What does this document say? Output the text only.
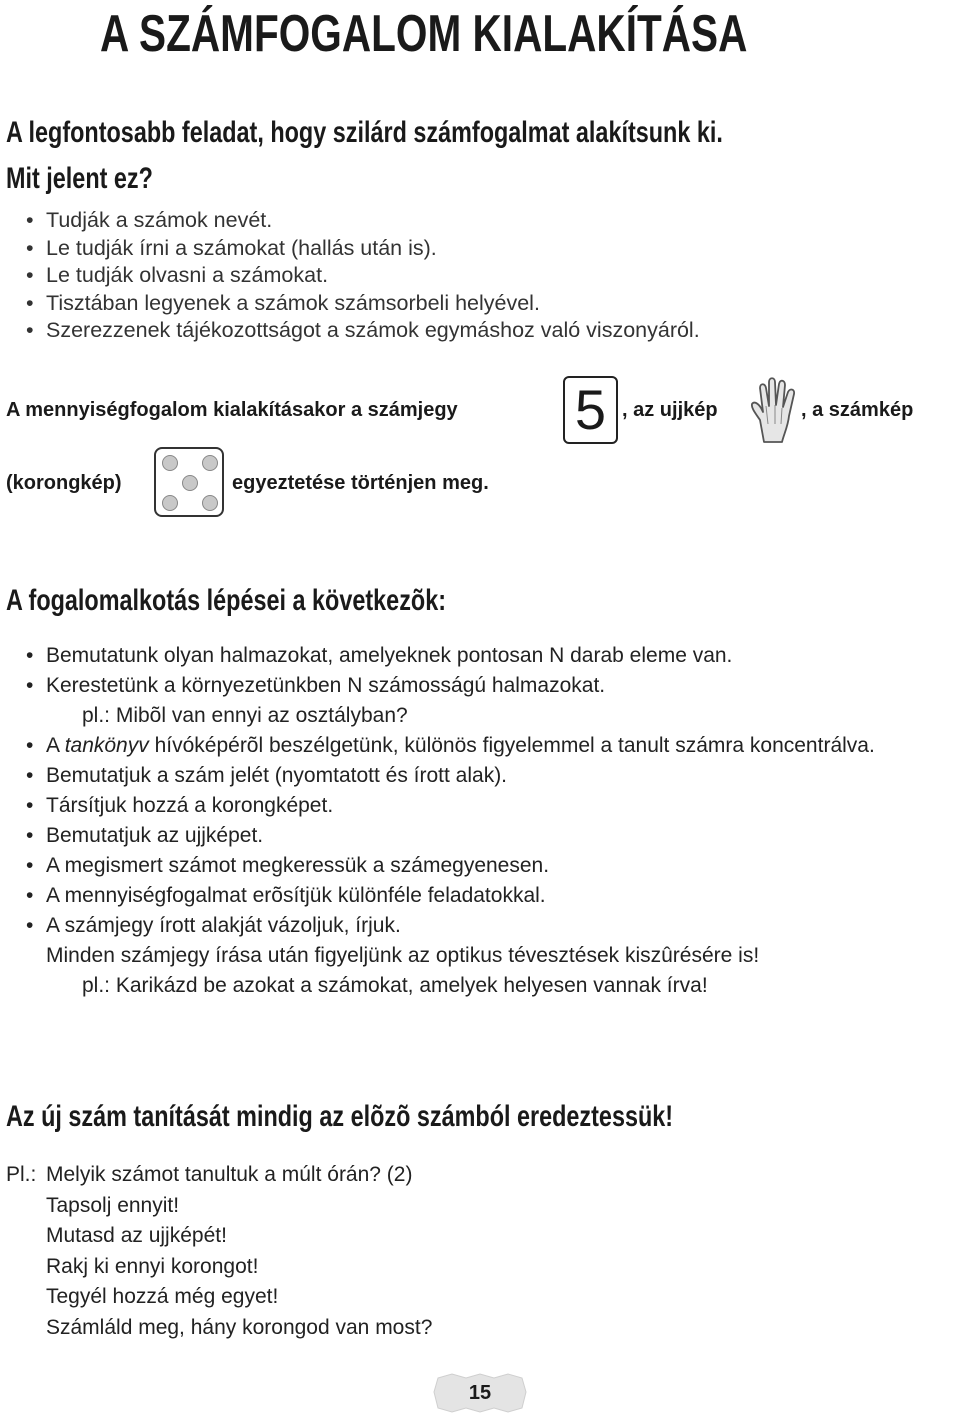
A SZÁMFOGALOM KIALAKÍTÁSA
A legfontosabb feladat, hogy szilárd számfogalmat alakítsunk ki.
Mit jelent ez?
• Tudják a számok nevét.
• Le tudják írni a számokat (hallás után is).
• Le tudják olvasni a számokat.
• Tisztában legyenek a számok számsorbeli helyével.
• Szerezzenek tájékozottságot a számok egymáshoz való viszonyáról.
A mennyiségfogalom kialakításakor a számjegy 5 , az ujjkép	, a számkép
(korongkép)	egyeztetése történjen meg.
A fogalomalkotás lépései a következõk:
• Bemutatunk olyan halmazokat, amelyeknek pontosan N darab eleme van.
• Kerestetünk a környezetünkben N számosságú halmazokat.
pl.: Mibõl van ennyi az osztályban?
• A tankönyv hívóképérõl beszélgetünk, különös figyelemmel a tanult számra koncentrálva.
• Bemutatjuk a szám jelét (nyomtatott és írott alak).
• Társítjuk hozzá a korongképet.
• Bemutatjuk az ujjképet.
• A megismert számot megkeressük a számegyenesen.
• A mennyiségfogalmat erõsítjük különféle feladatokkal.
• A számjegy írott alakját vázoljuk, írjuk.
Minden számjegy írása után figyeljünk az optikus tévesztések kiszûrésére is!
pl.: Karikázd be azokat a számokat, amelyek helyesen vannak írva!
Az új szám tanítását mindig az elõzõ számból eredeztessük!
Pl.: Melyik számot tanultuk a múlt órán? (2)
Tapsolj ennyit!
Mutasd az ujjképét!
Rakj ki ennyi korongot!
Tegyél hozzá még egyet!
Számláld meg, hány korongod van most?
15
